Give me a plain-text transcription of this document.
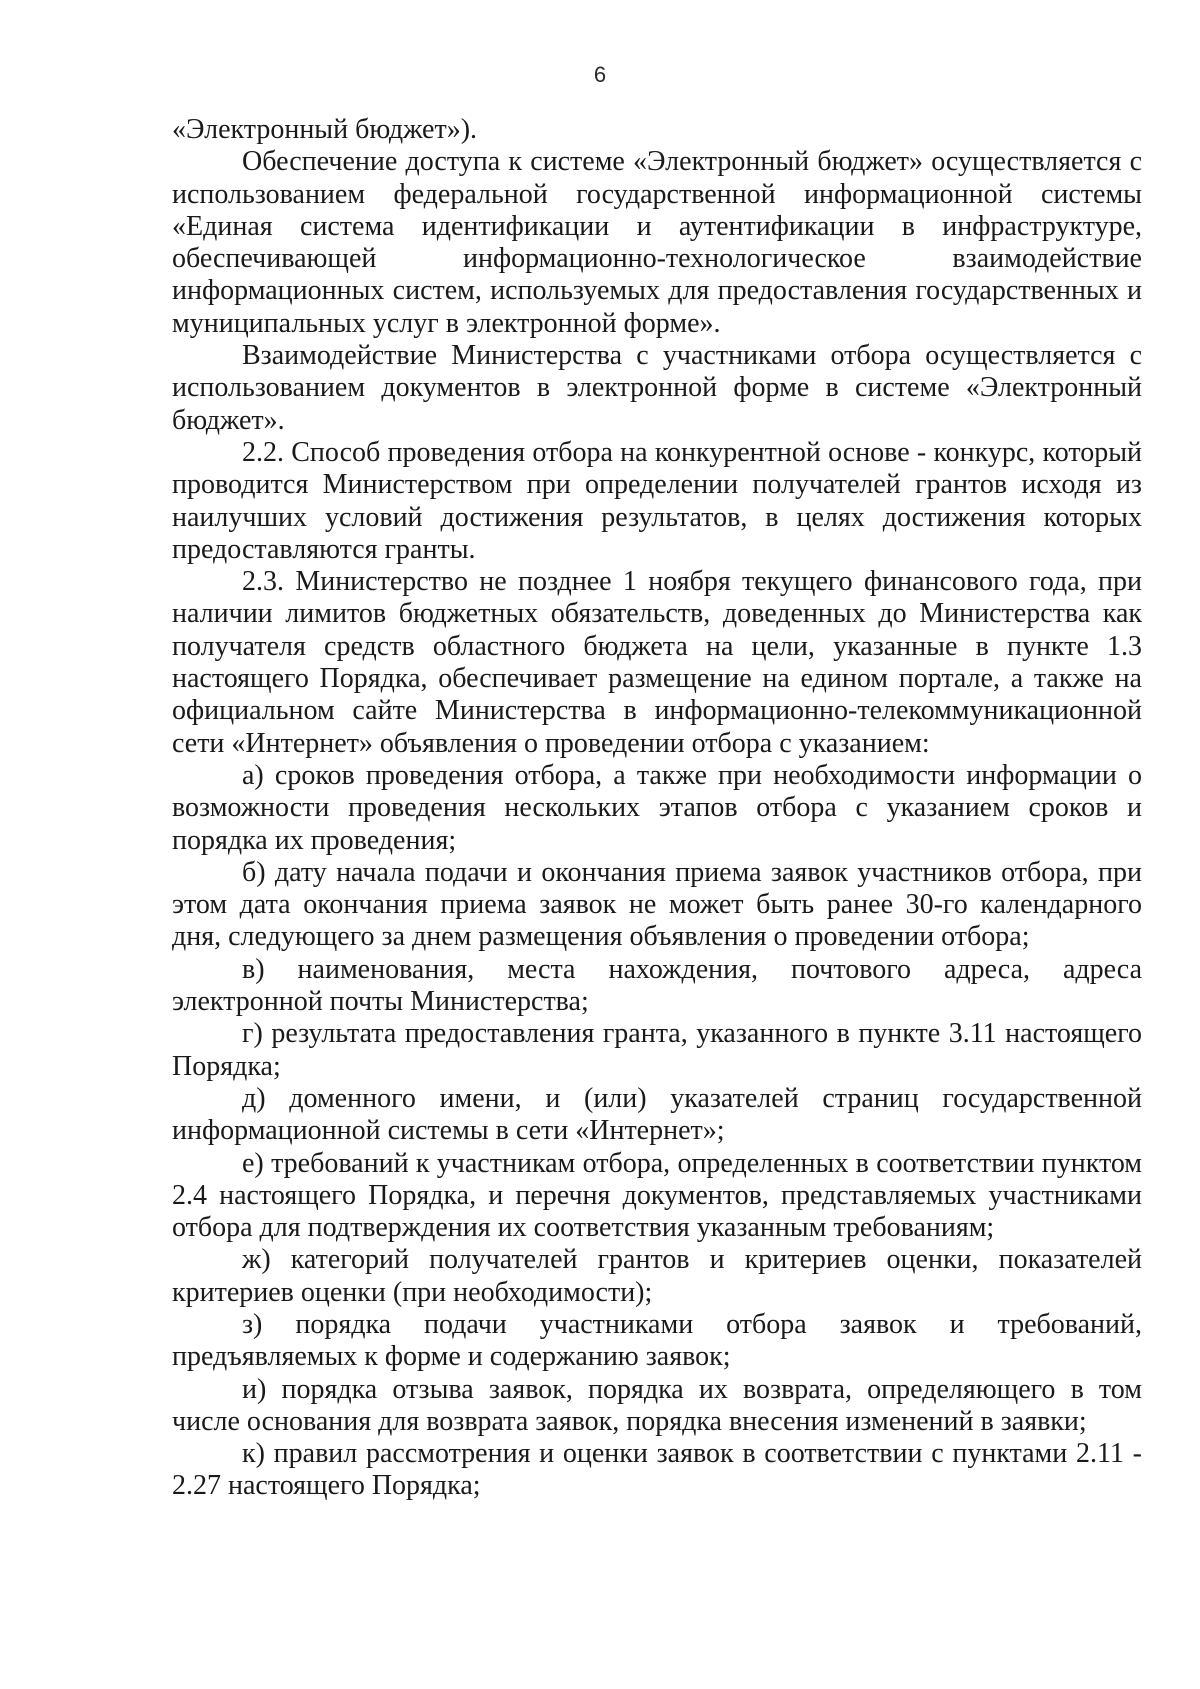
6

«Электронный бюджет»).

Обеспечение доступа к системе «Электронный бюджет» осуществляется с использованием федеральной государственной информационной системы «Единая система идентификации и аутентификации в инфраструктуре, обеспечивающей информационно-технологическое взаимодействие информационных систем, используемых для предоставления государственных и муниципальных услуг в электронной форме».

Взаимодействие Министерства с участниками отбора осуществляется с использованием документов в электронной форме в системе «Электронный бюджет».

2.2. Способ проведения отбора на конкурентной основе - конкурс, который проводится Министерством при определении получателей грантов исходя из наилучших условий достижения результатов, в целях достижения которых предоставляются гранты.

2.3. Министерство не позднее 1 ноября текущего финансового года, при наличии лимитов бюджетных обязательств, доведенных до Министерства как получателя средств областного бюджета на цели, указанные в пункте 1.3 настоящего Порядка, обеспечивает размещение на едином портале, а также на официальном сайте Министерства в информационно-телекоммуникационной сети «Интернет» объявления о проведении отбора с указанием:

а) сроков проведения отбора, а также при необходимости информации о возможности проведения нескольких этапов отбора с указанием сроков и порядка их проведения;

б) дату начала подачи и окончания приема заявок участников отбора, при этом дата окончания приема заявок не может быть ранее 30-го календарного дня, следующего за днем размещения объявления о проведении отбора;

в) наименования, места нахождения, почтового адреса, адреса электронной почты Министерства;

г) результата предоставления гранта, указанного в пункте 3.11 настоящего Порядка;

д) доменного имени, и (или) указателей страниц государственной информационной системы в сети «Интернет»;

е) требований к участникам отбора, определенных в соответствии пунктом 2.4 настоящего Порядка, и перечня документов, представляемых участниками отбора для подтверждения их соответствия указанным требованиям;

ж) категорий получателей грантов и критериев оценки, показателей критериев оценки (при необходимости);

з) порядка подачи участниками отбора заявок и требований, предъявляемых к форме и содержанию заявок;

и) порядка отзыва заявок, порядка их возврата, определяющего в том числе основания для возврата заявок, порядка внесения изменений в заявки;

к) правил рассмотрения и оценки заявок в соответствии с пунктами 2.11 - 2.27 настоящего Порядка;
